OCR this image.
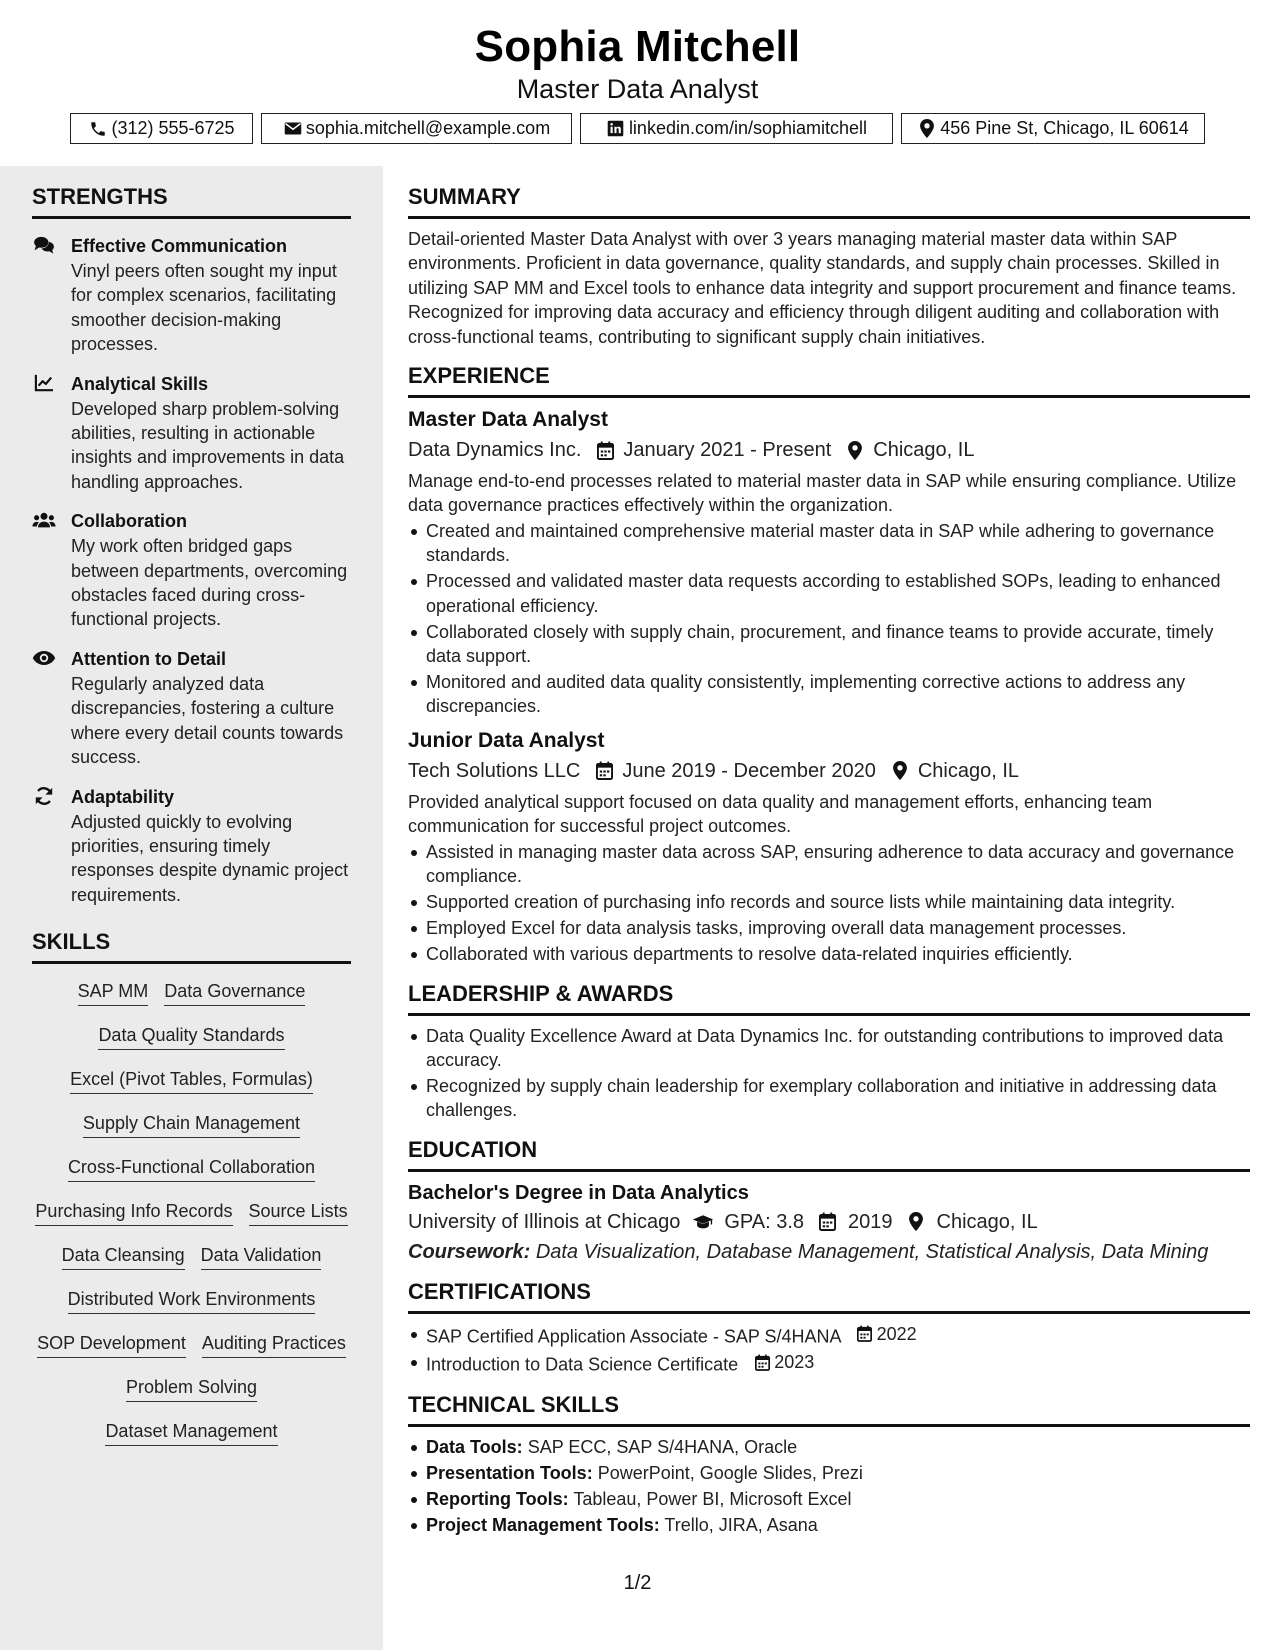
Sophia Mitchell
Master Data Analyst
(312) 555-6725	sophia.mitchell@example.com	linkedin.com/in/sophiamitchell	456 Pine St, Chicago, IL 60614
STRENGTHS
Effective Communication
Vinyl peers often sought my input for complex scenarios, facilitating smoother decision-making processes.
Analytical Skills
Developed sharp problem-solving abilities, resulting in actionable insights and improvements in data handling approaches.
Collaboration
My work often bridged gaps between departments, overcoming obstacles faced during cross-functional projects.
Attention to Detail
Regularly analyzed data discrepancies, fostering a culture where every detail counts towards success.
Adaptability
Adjusted quickly to evolving priorities, ensuring timely responses despite dynamic project requirements.
SKILLS
SAP MM Data Governance
Data Quality Standards
Excel (Pivot Tables, Formulas)
Supply Chain Management
Cross-Functional Collaboration
Purchasing Info Records Source Lists
Data Cleansing Data Validation
Distributed Work Environments
SOP Development Auditing Practices
Problem Solving
Dataset Management
SUMMARY
Detail-oriented Master Data Analyst with over 3 years managing material master data within SAP environments. Proficient in data governance, quality standards, and supply chain processes. Skilled in utilizing SAP MM and Excel tools to enhance data integrity and support procurement and finance teams. Recognized for improving data accuracy and efficiency through diligent auditing and collaboration with cross-functional teams, contributing to significant supply chain initiatives.
EXPERIENCE
Master Data Analyst
Data Dynamics Inc. January 2021 - Present Chicago, IL
Manage end-to-end processes related to material master data in SAP while ensuring compliance. Utilize data governance practices effectively within the organization.
Created and maintained comprehensive material master data in SAP while adhering to governance standards.
Processed and validated master data requests according to established SOPs, leading to enhanced operational efficiency.
Collaborated closely with supply chain, procurement, and finance teams to provide accurate, timely data support.
Monitored and audited data quality consistently, implementing corrective actions to address any discrepancies.
Junior Data Analyst
Tech Solutions LLC June 2019 - December 2020 Chicago, IL
Provided analytical support focused on data quality and management efforts, enhancing team communication for successful project outcomes.
Assisted in managing master data across SAP, ensuring adherence to data accuracy and governance compliance.
Supported creation of purchasing info records and source lists while maintaining data integrity.
Employed Excel for data analysis tasks, improving overall data management processes.
Collaborated with various departments to resolve data-related inquiries efficiently.
LEADERSHIP & AWARDS
Data Quality Excellence Award at Data Dynamics Inc. for outstanding contributions to improved data accuracy.
Recognized by supply chain leadership for exemplary collaboration and initiative in addressing data challenges.
EDUCATION
Bachelor's Degree in Data Analytics
University of Illinois at Chicago GPA: 3.8 2019 Chicago, IL
Coursework: Data Visualization, Database Management, Statistical Analysis, Data Mining
CERTIFICATIONS
SAP Certified Application Associate - SAP S/4HANA 2022
Introduction to Data Science Certificate 2023
TECHNICAL SKILLS
Data Tools: SAP ECC, SAP S/4HANA, Oracle
Presentation Tools: PowerPoint, Google Slides, Prezi
Reporting Tools: Tableau, Power BI, Microsoft Excel
Project Management Tools: Trello, JIRA, Asana
1/2
